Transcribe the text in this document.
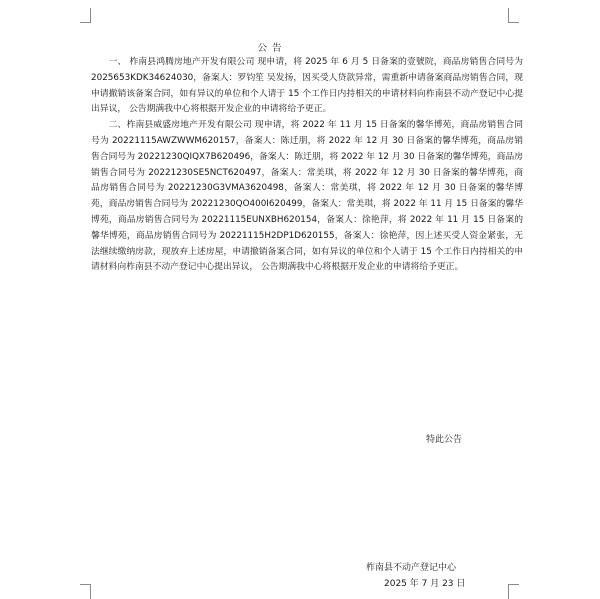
公 告

一、 柞南县鸿腾房地产开发有限公司 现申请，将 2025 年 6 月 5 日备案的壹號院，商品房销售合同号为 2025653KDK34624030，备案人：罗钧笙 吴发扬，因买受人贷款异常，需重新申请备案商品房销售合同，现申请撤销该备案合同，如有异议的单位和个人请于 15 个工作日内持相关的申请材料向柞南县不动产登记中心提出异议， 公告期满我中心将根据开发企业的申请将给予更正。

二、柞南县威盛房地产开发有限公司 现申请，将 2022 年 11 月 15 日备案的馨华博苑，商品房销售合同号为 20221115AWZWWM620157，备案人：陈迁朋，将 2022 年 12 月 30 日备案的馨华博苑，商品房销售合同号为 20221230QIQX7B620496，备案人：陈迁朋，将 2022 年 12 月 30 日备案的馨华博苑，商品房销售合同号为 20221230SE5NCT620497，备案人：常美琪，将 2022 年 12 月 30 日备案的馨华博苑，商品房销售合同号为 20221230G3VMA3620498，备案人：常美琪，将 2022 年 12 月 30 日备案的馨华博苑，商品房销售合同号为 20221230QO400I620499，备案人：常美琪，将 2022 年 11 月 15 日备案的馨华博苑，商品房销售合同号为 20221115EUNXBH620154，备案人：徐艳萍，将 2022 年 11 月 15 日备案的馨华博苑，商品房销售合同号为 20221115H2DP1D620155，备案人：徐艳萍，因上述买受人资金紧张，无法继续缴纳房款，现放弃上述房屋，申请撤销备案合同，如有异议的单位和个人请于 15 个工作日内持相关的申请材料向柞南县不动产登记中心提出异议， 公告期满我中心将根据开发企业的申请将给予更正。

特此公告
柞南县不动产登记中心
2025 年 7 月 23 日
